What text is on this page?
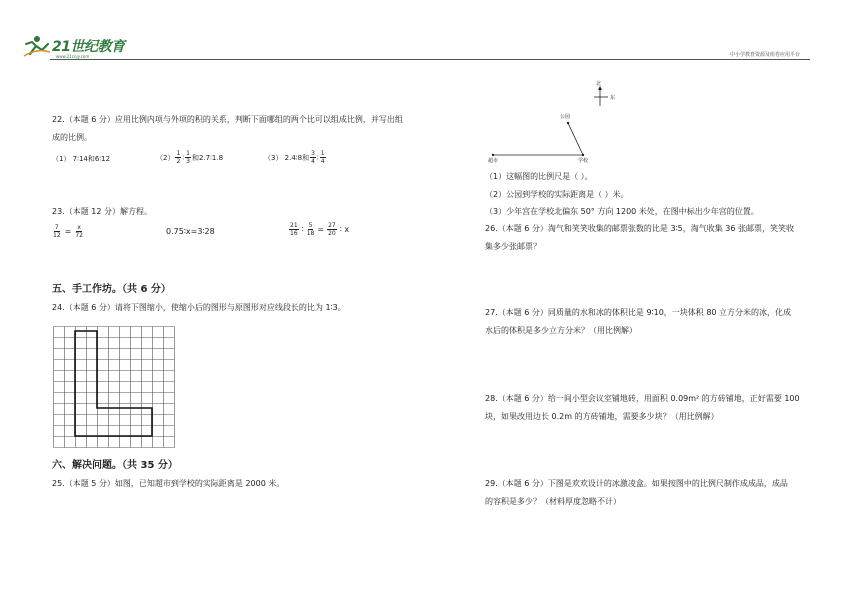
21世纪教育
www.21cnjy.com	中小学教育资源及组卷应用平台
22.（本题 6 分）应用比例内项与外项的积的关系，判断下面哪组的两个比可以组成比例，并写出组
成的比例。
（1） 7∶14和6∶12	$(2) \frac{1}{2}$ ∶ $\frac{1}{3}$ 和2.7∶1.8	（3） 2.4∶8和 $\frac{3}{4}$ ∶ $\frac{1}{4}$
23.（本题 12 分）解方程。
$\frac{7}{12} = \frac{x}{72}$	0.75∶x=3∶28	$\frac{21}{16}$ ∶ $\frac{5}{18} = \frac{27}{20}$ ∶ x
五、手工作坊。（共 6 分）
24.（本题 6 分）请将下图缩小，使缩小后的图形与原图形对应线段长的比为 1∶3。
六、解决问题。（共 35 分）
25.（本题 5 分）如图，已知超市到学校的实际距离是 2000 米。
北
东
公园
超市	学校
（1）这幅图的比例尺是（ ）。
（2）公园到学校的实际距离是（ ）米。
（3）少年宫在学校北偏东 50° 方向 1200 米处，在图中标出少年宫的位置。
26.（本题 6 分）淘气和笑笑收集的邮票张数的比是 3∶5，淘气收集 36 张邮票，笑笑收
集多少张邮票？
27.（本题 6 分）同质量的水和冰的体积比是 9∶10，一块体积 80 立方分米的冰，化成
水后的体积是多少立方分米？（用比例解）
28.（本题 6 分）给一间小型会议室铺地砖，用面积 0.09m² 的方砖铺地，正好需要 100
块，如果改用边长 0.2m 的方砖铺地，需要多少块？（用比例解）
29.（本题 6 分）下图是欢欢设计的冰激凌盒。如果按图中的比例尺制作成成品，成品
的容积是多少？（材料厚度忽略不计）
